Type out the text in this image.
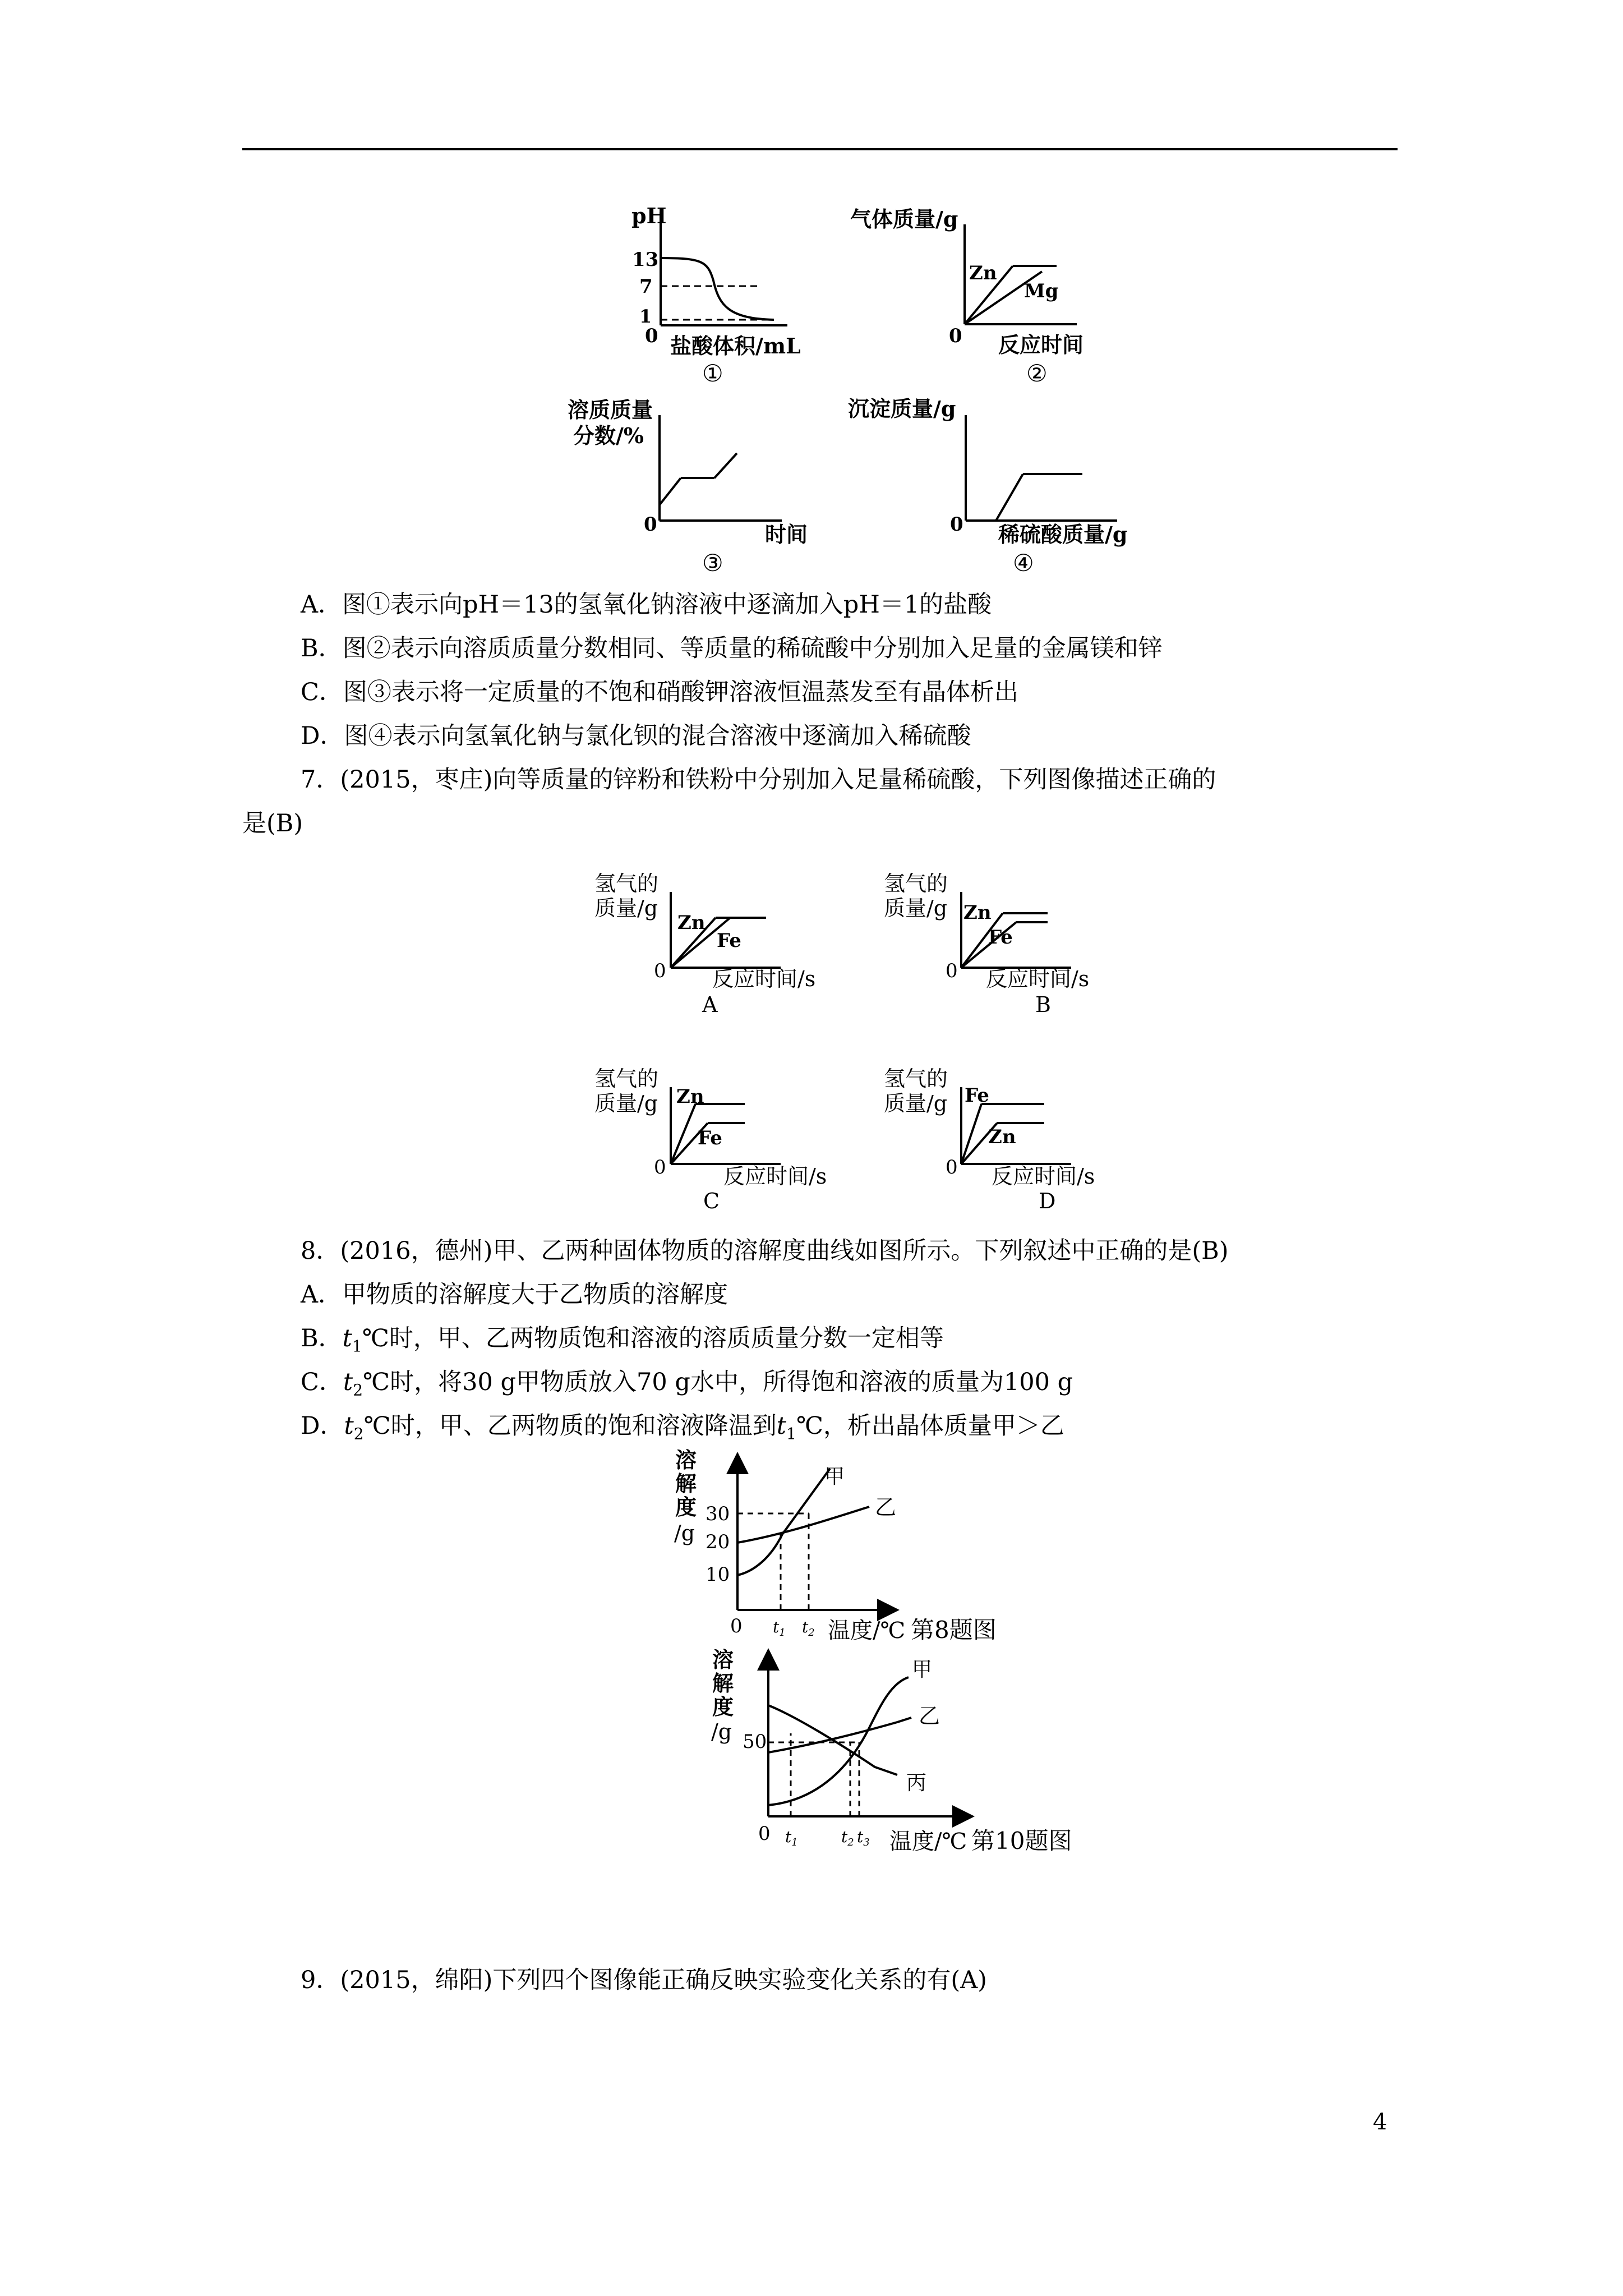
pH
13
7
1
0 盐酸体积/mL
①
气体质量/g
Zn
Mg
0 反应时间
②
溶质质量
分数/%
0	时间
③
沉淀质量/g
0 稀硫酸质量/g
④
氢气的
质量/g
Zn
Fe
0 反应时间/s
A
氢气的
质量/g Zn
Fe
0 反应时间/s
B
氢气的
质量/g Zn
Fe
0	反应时间/s
C
氢气的
质量/g Fe
Zn
0 反应时间/s
D
溶
解
度
/g
30
20
10
0 $t_1$ $t_2$ 温度/℃ 第8题图
甲
乙
溶
解
度
/g 50
0 $t_1$	$t_2$ $t_3$ 温度/℃ 第10题图
甲
乙
丙
A．图①表示向pH＝13的氢氧化钠溶液中逐滴加入pH＝1的盐酸
B．图②表示向溶质质量分数相同、等质量的稀硫酸中分别加入足量的金属镁和锌
C．图③表示将一定质量的不饱和硝酸钾溶液恒温蒸发至有晶体析出
D．图④表示向氢氧化钠与氯化钡的混合溶液中逐滴加入稀硫酸
7．(2015，枣庄)向等质量的锌粉和铁粉中分别加入足量稀硫酸，下列图像描述正确的
是(B)
8．(2016，德州)甲、乙两种固体物质的溶解度曲线如图所示。下列叙述中正确的是(B)
A．甲物质的溶解度大于乙物质的溶解度
B．$t_1℃$时，甲、乙两物质饱和溶液的溶质质量分数一定相等
C．$t_2℃$时，将30 g甲物质放入70 g水中，所得饱和溶液的质量为100 g
D．$t_2℃$时，甲、乙两物质的饱和溶液降温到$t_1℃$，析出晶体质量甲＞乙
9．(2015，绵阳)下列四个图像能正确反映实验变化关系的有(A)
4
